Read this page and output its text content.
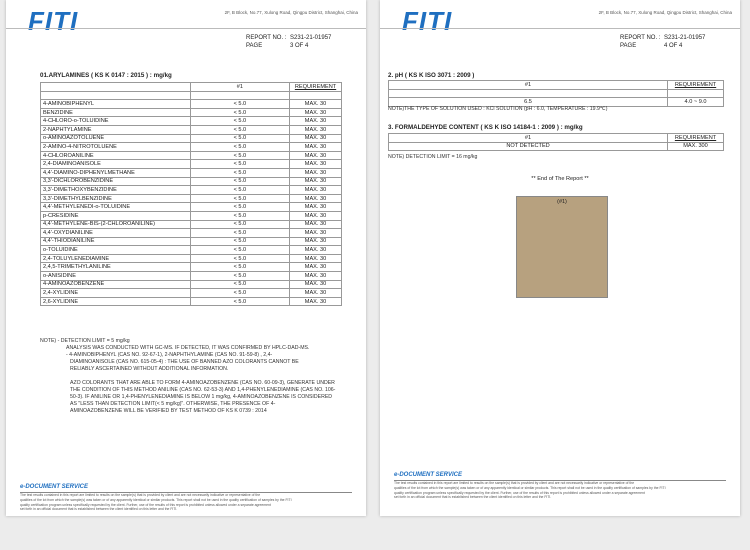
FITI	2F, B Block, No.77, Xulong Road, Qingpu District, Shanghai, China
REPORT NO. : S231-21-01957
PAGE	3 OF 4
01.ARYLAMINES ( KS K 0147 : 2015 ) : mg/kg
	#1	REQUIREMENT

4-AMINOBIPHENYL	< 5.0	MAX. 30
BENZIDINE	< 5.0	MAX. 30
4-CHLORO-o-TOLUIDINE	< 5.0	MAX. 30
2-NAPHTYLAMINE	< 5.0	MAX. 30
o-AMINOAZOTOLUENE	< 5.0	MAX. 30
2-AMINO-4-NITROTOLUENE	< 5.0	MAX. 30
4-CHLOROANILINE	< 5.0	MAX. 30
2,4-DIAMINOANISOLE	< 5.0	MAX. 30
4,4'-DIAMINO-DIPHENYLMETHANE	< 5.0	MAX. 30
3,3'-DICHLOROBENZIDINE	< 5.0	MAX. 30
3,3'-DIMETHOXYBENZIDINE	< 5.0	MAX. 30
3,3'-DIMETHYLBENZIDINE	< 5.0	MAX. 30
4,4'-METHYLENEDI-o-TOLUIDINE	< 5.0	MAX. 30
p-CRESIDINE	< 5.0	MAX. 30
4,4'-METHYLENE-BIS-(2-CHLOROANILINE)	< 5.0	MAX. 30
4,4'-OXYDIANILINE	< 5.0	MAX. 30
4,4'-THIODIANILINE	< 5.0	MAX. 30
o-TOLUIDINE	< 5.0	MAX. 30
2,4-TOLUYLENEDIAMINE	< 5.0	MAX. 30
2,4,5-TRIMETHYLANILINE	< 5.0	MAX. 30
o-ANISIDINE	< 5.0	MAX. 30
4-AMINOAZOBENZENE	< 5.0	MAX. 30
2,4-XYLIDINE	< 5.0	MAX. 30
2,6-XYLIDINE	< 5.0	MAX. 30
NOTE) - DETECTION LIMIT = 5 mg/kg
ANALYSIS WAS CONDUCTED WITH GC-MS. IF DETECTED, IT WAS CONFIRMED BY HPLC-DAD-MS.
- 4-AMINOBIPHENYL (CAS NO. 92-67-1), 2-NAPHTHYLAMINE (CAS NO. 91-59-8) , 2,4-
DIAMINOANISOLE (CAS NO. 615-05-4) : THE USE OF BANNED AZO COLORANTS CANNOT BE
RELIABLY ASCERTAINED WITHOUT ADDITIONAL INFORMATION.
AZO COLORANTS THAT ARE ABLE TO FORM 4-AMINOAZOBENZENE (CAS NO. 60-09-3), GENERATE UNDER
THE CONDITION OF THIS METHOD ANILINE (CAS NO. 62-53-3) AND 1,4-PHENYLENEDIAMINE (CAS NO. 106-
50-3). IF ANILINE OR 1,4-PHENYLENEDIAMINE IS BELOW 1 mg/kg, 4-AMINOAZOBENZENE IS CONSIDERED
AS "LESS THAN DETECTION LIMIT(< 5 mg/kg)". OTHERWISE, THE PRESENCE OF 4-
AMINOAZOBENZENE WILL BE VERIFIED BY TEST METHOD OF KS K 0739 : 2014
e-DOCUMENT SERVICE
The test results contained in this report are limited to results on the sample(s) that is provided by client and are not necessarily indicative or representative of the
qualities of the lot from which the sample(s) was taken or of any apparently identical or similar products. This report shall not be used in the quality certification of samples by the FITI
quality certification program unless specifically requested by the client. Further, use of the results of this report is prohibited unless allowed under a separate agreement
set forth in an official document that is established between the client identified on this letter and the FITI.
FITI	2F, B Block, No.77, Xulong Road, Qingpu District, Shanghai, China
REPORT NO. : S231-21-01957
PAGE	4 OF 4
2. pH ( KS K ISO 3071 : 2009 )
#1	REQUIREMENT

6.5	4.0 ~ 9.0
NOTE)THE TYPE OF SOLUTION USED : KCl SOLUTION (pH : 6.0, TEMPERATURE : 19.9℃)
3. FORMALDEHYDE CONTENT ( KS K ISO 14184-1 : 2009 ) : mg/kg
#1	REQUIREMENT
NOT DETECTED	MAX. 300
NOTE) DETECTION LIMIT = 16 mg/kg
** End of The Report **
(#1)
e-DOCUMENT SERVICE
The test results contained in this report are limited to results on the sample(s) that is provided by client and are not necessarily indicative or representative of the
qualities of the lot from which the sample(s) was taken or of any apparently identical or similar products. This report shall not be used in the quality certification of samples by the FITI
quality certification program unless specifically requested by the client. Further, use of the results of this report is prohibited unless allowed under a separate agreement
set forth in an official document that is established between the client identified on this letter and the FITI.
